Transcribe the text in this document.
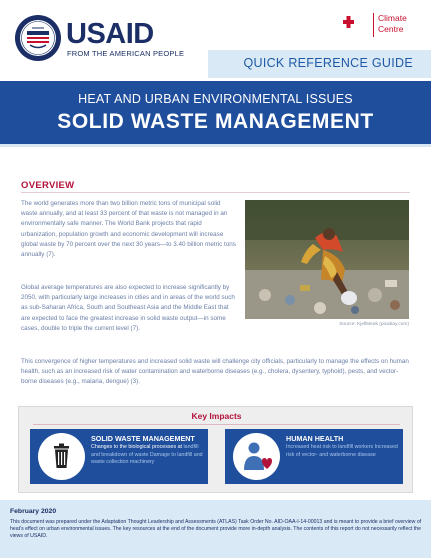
USAID
FROM THE AMERICAN PEOPLE
Climate
Centre
QUICK REFERENCE GUIDE
HEAT AND URBAN ENVIRONMENTAL ISSUES
SOLID WASTE MANAGEMENT
OVERVIEW

The world generates more than two billion metric tons of municipal solid waste annually, and at least 33 percent of that waste is not managed in an environmentally safe manner. The World Bank projects that rapid urbanization, population growth and economic development will increase global waste by 70 percent over the next 30 years—to 3.40 billion metric tons annually (7).

Global average temperatures are also expected to increase significantly by 2050, with particularly large increases in cities and in areas of the world such as sub-Saharan Africa, South and Southeast Asia and the Middle East that are expected to face the greatest increase in solid waste output—in some cases, double to triple the current level (7).

Source: KjellMeek (pixabay.com)

This convergence of higher temperatures and increased solid waste will challenge city officials, particularly to manage the effects on human health, such as an increased risk of water contamination and waterborne diseases (e.g., cholera, dysentery, typhoid), pests, and vector-borne diseases (e.g., malaria, dengue) (3).

Key Impacts
SOLID WASTE MANAGEMENT
Changes to the biological processes at landfill and breakdown of waste Damage to landfill and waste collection machinery
HUMAN HEALTH
Increased heat risk to landfill workers Increased risk of vector- and waterborne disease
February 2020
This document was prepared under the Adaptation Thought Leadership and Assessments (ATLAS) Task Order No. AID-OAA-I-14-00013 and is meant to provide a brief overview of heat's effect on urban environmental issues. The key resources at the end of the document provide more in-depth analysis. The contents of this report do not necessarily reflect the views of USAID.
